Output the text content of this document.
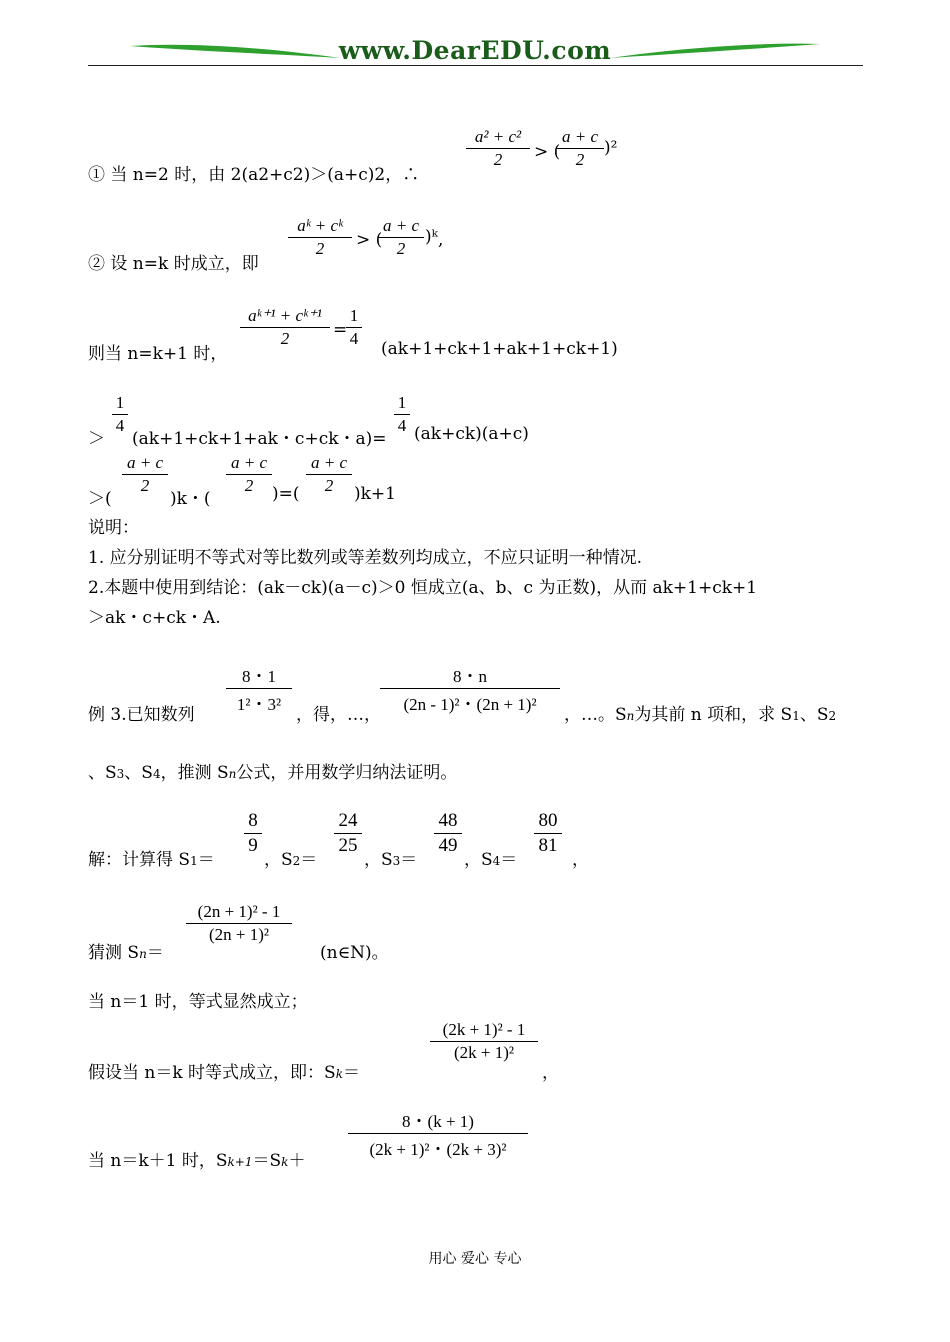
www.DearEDU.com
① 当 n=2 时，由 2(a2+c2)＞(a+c)2，∴
a² + c²
2	> (
a + c
2
)²
② 设 n=k 时成立，即
aᵏ + cᵏ
2	> (
a + c
2
)ᵏ ,
则当 n=k+1 时，
aᵏ⁺¹ + cᵏ⁺¹
2	=
1
4
(ak+1+ck+1+ak+1+ck+1)
＞
1
4
(ak+1+ck+1+ak・c+ck・a)=
1
4 (ak+ck)(a+c)
＞(
a + c
2
)k・(
a + c
2	)=(
a + c
2	)k+1
说明：
1. 应分别证明不等式对等比数列或等差数列均成立，不应只证明一种情况.
2.本题中使用到结论：(ak－ck)(a－c)＞0 恒成立(a、b、c 为正数)，从而 ak+1+ck+1
＞ak・c+ck・A.
例 3.已知数列
8・1
1²・3²
，得，…，
8・n
(2n - 1)²・(2n + 1)²
，…。Sn为其前 n 项和，求 S1、S2
、S3、S4，推测 Sn公式，并用数学归纳法证明。
解：计算得 S1＝
8
9
，S2＝
24
25
，S3＝
48
49
，S4＝
80
81
，
猜测 Sn＝
(2n + 1)² - 1
(2n + 1)²
(n∈N)。
当 n＝1 时，等式显然成立；
假设当 n＝k 时等式成立，即：Sk＝
(2k + 1)² - 1
(2k + 1)²
，
当 n＝k＋1 时，Sk+1＝Sk＋
8・(k + 1)
(2k + 1)²・(2k + 3)²
用心 爱心 专心
